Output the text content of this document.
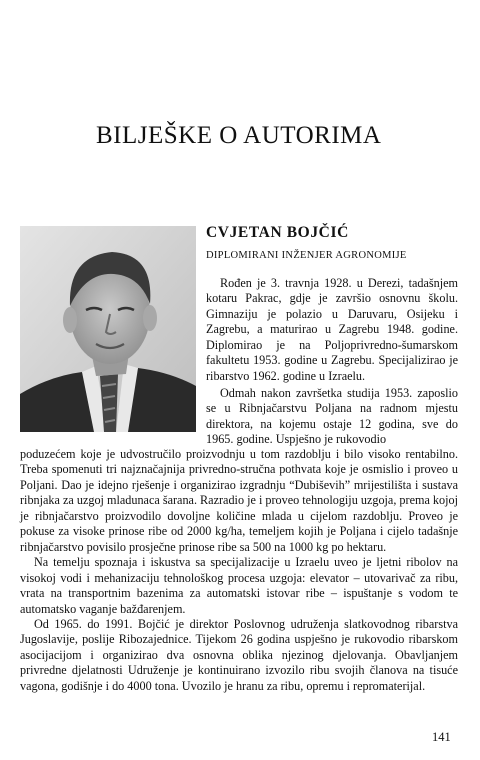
BILJEŠKE O AUTORIMA
CVJETAN BOJČIĆ
DIPLOMIRANI INŽENJER AGRONOMIJE

Rođen je 3. travnja 1928. u Derezi, tadašnjem kotaru Pakrac, gdje je završio osnovnu školu. Gimnaziju je polazio u Daruvaru, Osijeku i Zagrebu, a maturirao u Zagrebu 1948. godine. Diplomirao je na Poljoprivredno-šumarskom fakultetu 1953. godine u Zagrebu. Specijalizirao je ribarstvo 1962. godine u Izraelu.

Odmah nakon završetka studija 1953. zaposlio se u Ribnjačarstvu Poljana na radnom mjestu direktora, na kojemu ostaje 12 godina, sve do 1965. godine. Uspješno je rukovodio

poduzećem koje je udvostručilo proizvodnju u tom razdoblju i bilo visoko rentabilno. Treba spomenuti tri najznačajnija privredno-stručna pothvata koje je osmislio i proveo u Poljani. Dao je idejno rješenje i organizirao izgradnju “Dubiševih” mrijestilišta i sustava ribnjaka za uzgoj mladunaca šarana. Razradio je i proveo tehnologiju uzgoja, prema kojoj je ribnjačarstvo proizvodilo dovoljne količine mlada u cijelom razdoblju. Proveo je pokuse za visoke prinose ribe od 2000 kg/ha, temeljem kojih je Poljana i cijelo tadašnje ribnjačarstvo povisilo prosječne prinose ribe sa 500 na 1000 kg po hektaru.

Na temelju spoznaja i iskustva sa specijalizacije u Izraelu uveo je ljetni ribolov na visokoj vodi i mehanizaciju tehnološkog procesa uzgoja: elevator – utovarivač za ribu, vrata na transportnim bazenima za automatski istovar ribe – ispuštanje s vodom te automatsko vaganje bažđarenjem.

Od 1965. do 1991. Bojčić je direktor Poslovnog udruženja slatkovodnog ribarstva Jugoslavije, poslije Ribozajednice. Tijekom 26 godina uspješno je rukovodio ribarskom asocijacijom i organizirao dva osnovna oblika njezinog djelovanja. Obavljanjem privredne djelatnosti Udruženje je kontinuirano izvozilo ribu svojih članova na tisuće vagona, godišnje i do 4000 tona. Uvozilo je hranu za ribu, opremu i repromaterijal.

141
